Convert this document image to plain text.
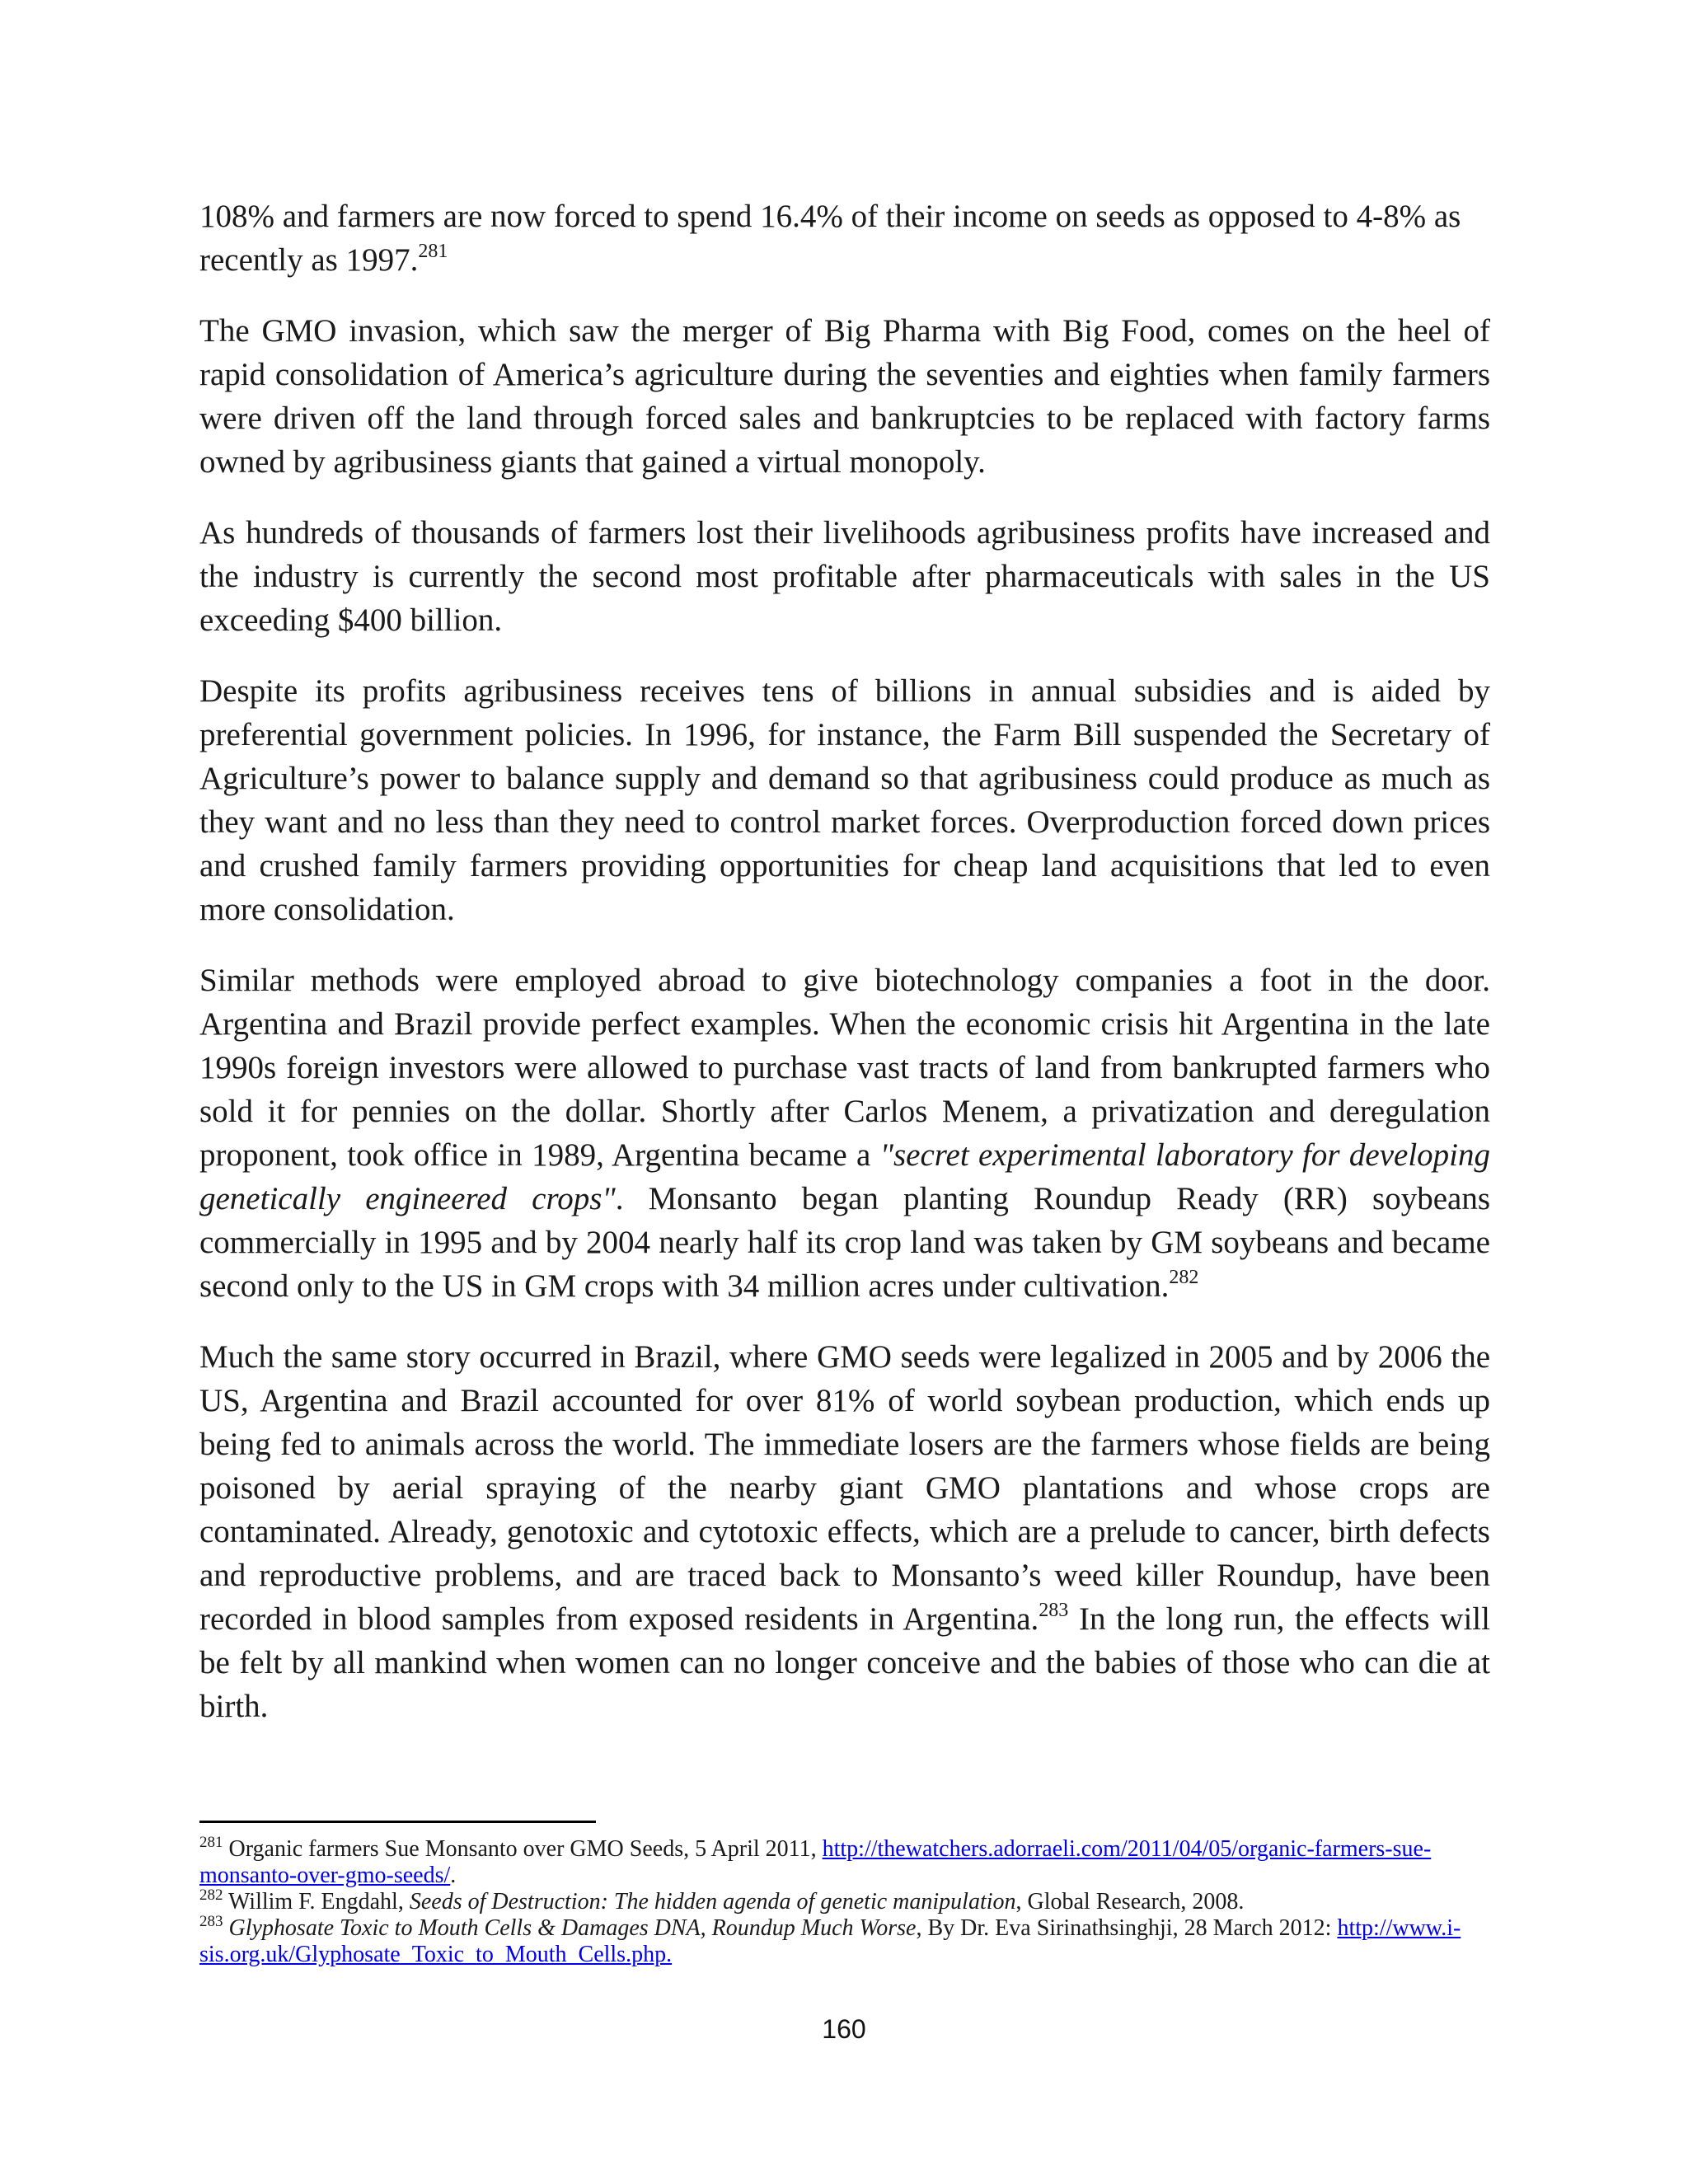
108% and farmers are now forced to spend 16.4% of their income on seeds as opposed to 4-8% as recently as 1997.$^{281}$

The GMO invasion, which saw the merger of Big Pharma with Big Food, comes on the heel of rapid consolidation of America’s agriculture during the seventies and eighties when family farmers were driven off the land through forced sales and bankruptcies to be replaced with factory farms owned by agribusiness giants that gained a virtual monopoly.

As hundreds of thousands of farmers lost their livelihoods agribusiness profits have increased and the industry is currently the second most profitable after pharmaceuticals with sales in the US exceeding $400 billion.

Despite its profits agribusiness receives tens of billions in annual subsidies and is aided by preferential government policies. In 1996, for instance, the Farm Bill suspended the Secretary of Agriculture’s power to balance supply and demand so that agribusiness could produce as much as they want and no less than they need to control market forces. Overproduction forced down prices and crushed family farmers providing opportunities for cheap land acquisitions that led to even more consolidation.

Similar methods were employed abroad to give biotechnology companies a foot in the door. Argentina and Brazil provide perfect examples. When the economic crisis hit Argentina in the late 1990s foreign investors were allowed to purchase vast tracts of land from bankrupted farmers who sold it for pennies on the dollar. Shortly after Carlos Menem, a privatization and deregulation proponent, took office in 1989, Argentina became a "secret experimental laboratory for developing genetically engineered crops". Monsanto began planting Roundup Ready (RR) soybeans commercially in 1995 and by 2004 nearly half its crop land was taken by GM soybeans and became second only to the US in GM crops with 34 million acres under cultivation.$^{282}$

Much the same story occurred in Brazil, where GMO seeds were legalized in 2005 and by 2006 the US, Argentina and Brazil accounted for over 81% of world soybean production, which ends up being fed to animals across the world. The immediate losers are the farmers whose fields are being poisoned by aerial spraying of the nearby giant GMO plantations and whose crops are contaminated. Already, genotoxic and cytotoxic effects, which are a prelude to cancer, birth defects and reproductive problems, and are traced back to Monsanto’s weed killer Roundup, have been recorded in blood samples from exposed residents in Argentina.$^{283}$ In the long run, the effects will be felt by all mankind when women can no longer conceive and the babies of those who can die at birth.

$^{281}$ Organic farmers Sue Monsanto over GMO Seeds, 5 April 2011, http://thewatchers.adorraeli.com/2011/04/05/organic-farmers-sue-monsanto-over-gmo-seeds/.

$^{282}$ Willim F. Engdahl, Seeds of Destruction: The hidden agenda of genetic manipulation, Global Research, 2008.

$^{283}$ Glyphosate Toxic to Mouth Cells & Damages DNA, Roundup Much Worse, By Dr. Eva Sirinathsinghji, 28 March 2012: http://www.i-sis.org.uk/Glyphosate_Toxic_to_Mouth_Cells.php.

160
